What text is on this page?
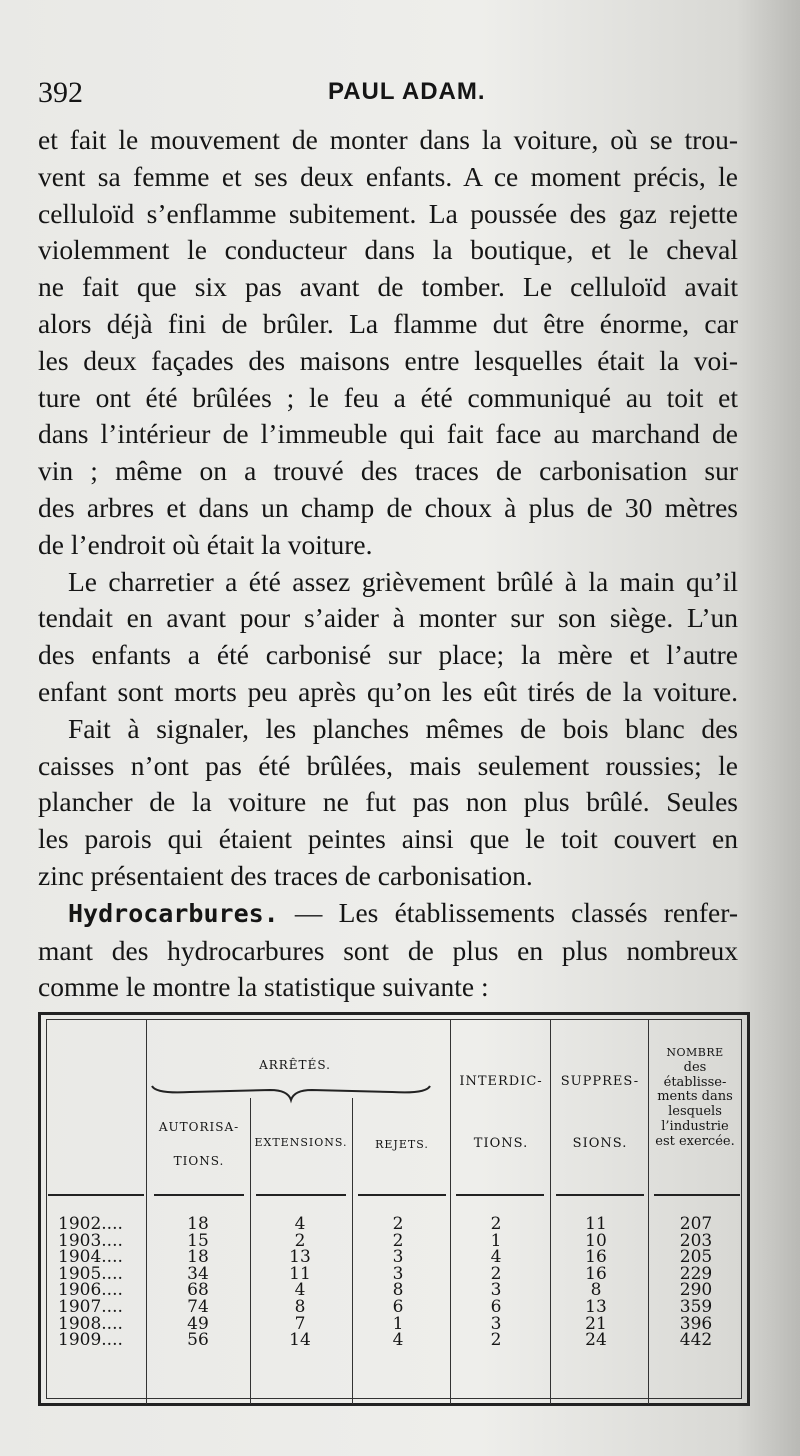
392	PAUL ADAM.
et fait le mouvement de monter dans la voiture, où se trou-
vent sa femme et ses deux enfants. A ce moment précis, le
celluloïd s’enflamme subitement. La poussée des gaz rejette
violemment le conducteur dans la boutique, et le cheval
ne fait que six pas avant de tomber. Le celluloïd avait
alors déjà fini de brûler. La flamme dut être énorme, car
les deux façades des maisons entre lesquelles était la voi-
ture ont été brûlées ; le feu a été communiqué au toit et
dans l’intérieur de l’immeuble qui fait face au marchand de
vin ; même on a trouvé des traces de carbonisation sur
des arbres et dans un champ de choux à plus de 30 mètres
de l’endroit où était la voiture.
Le charretier a été assez grièvement brûlé à la main qu’il
tendait en avant pour s’aider à monter sur son siège. L’un
des enfants a été carbonisé sur place; la mère et l’autre
enfant sont morts peu après qu’on les eût tirés de la voiture.
Fait à signaler, les planches mêmes de bois blanc des
caisses n’ont pas été brûlées, mais seulement roussies; le
plancher de la voiture ne fut pas non plus brûlé. Seules
les parois qui étaient peintes ainsi que le toit couvert en
zinc présentaient des traces de carbonisation.
Hydrocarbures. — Les établissements classés renfer-
mant des hydrocarbures sont de plus en plus nombreux
comme le montre la statistique suivante :
ARRÊTÉS.
AUTORISA-
TIONS.
EXTENSIONS.	REJETS.
INTERDIC-
TIONS.
SUPPRES-
SIONS.
NOMBRE
des
établisse-
ments dans
lesquels
l’industrie
est exercée.
1902....
1903....
1904....
1905....
1906....
1907....
1908....
1909....
18
15
18
34
68
74
49
56
4
2
13
11
4
8
7
14
2
2
3
3
8
6
1
4
2
1
4
2
3
6
3
2
11
10
16
16
8
13
21
24
207
203
205
229
290
359
396
442
